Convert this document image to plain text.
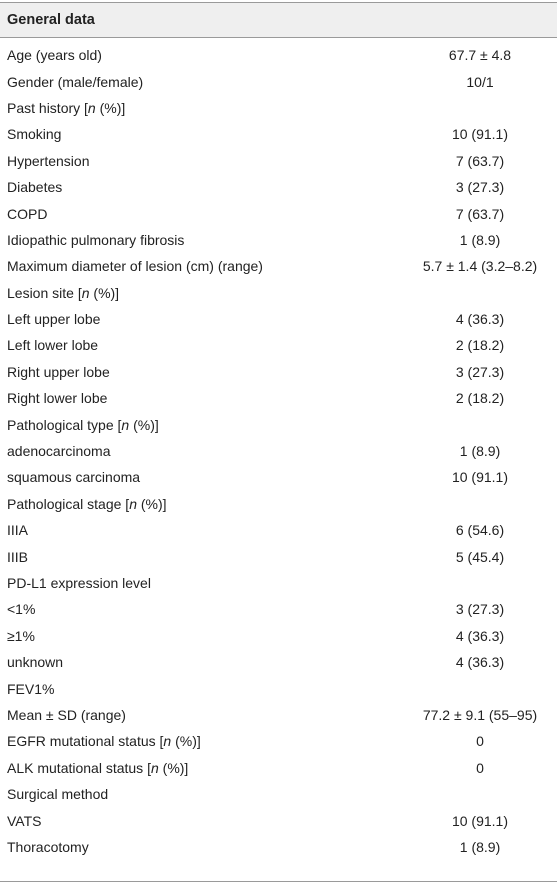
General data
Age (years old)	67.7 ± 4.8
Gender (male/female)	10/1
Past history [n (%)]
Smoking	10 (91.1)
Hypertension	7 (63.7)
Diabetes	3 (27.3)
COPD	7 (63.7)
Idiopathic pulmonary fibrosis	1 (8.9)
Maximum diameter of lesion (cm) (range)	5.7 ± 1.4 (3.2–8.2)
Lesion site [n (%)]
Left upper lobe	4 (36.3)
Left lower lobe	2 (18.2)
Right upper lobe	3 (27.3)
Right lower lobe	2 (18.2)
Pathological type [n (%)]
adenocarcinoma	1 (8.9)
squamous carcinoma	10 (91.1)
Pathological stage [n (%)]
IIIA	6 (54.6)
IIIB	5 (45.4)
PD-L1 expression level
<1%	3 (27.3)
≥1%	4 (36.3)
unknown	4 (36.3)
FEV1%
Mean ± SD (range)	77.2 ± 9.1 (55–95)
EGFR mutational status [n (%)]	0
ALK mutational status [n (%)]	0
Surgical method
VATS	10 (91.1)
Thoracotomy	1 (8.9)
